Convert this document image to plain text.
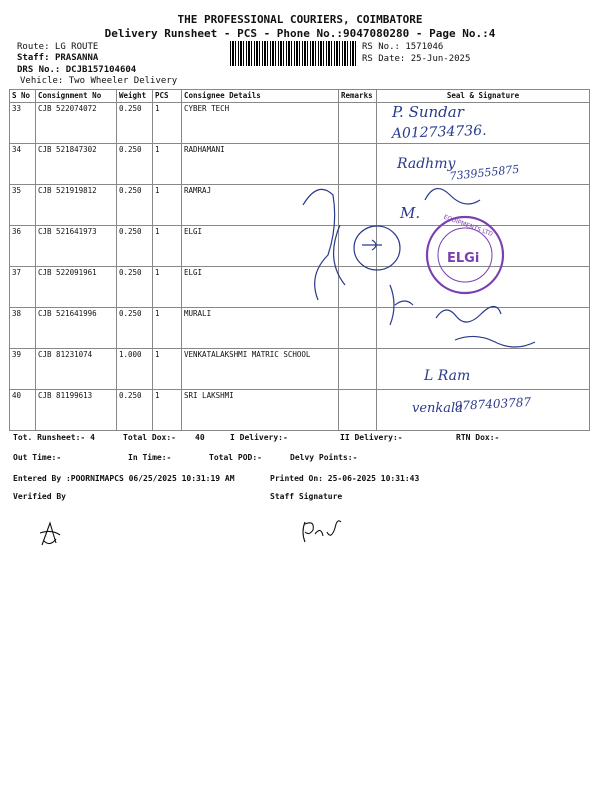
THE PROFESSIONAL COURIERS, COIMBATORE
Delivery Runsheet - PCS - Phone No.:9047080280 - Page No.:4
Route: LG ROUTE
Staff: PRASANNA
DRS No.: DCJB157104604
Vehicle: Two Wheeler Delivery
RS No.: 1571046
RS Date: 25-Jun-2025
S No	Consignment No	Weight	PCS	Consignee Details	Remarks	Seal & Signature
33	CJB 522074072	0.250	1	CYBER TECH		
34	CJB 521847302	0.250	1	RADHAMANI		
35	CJB 521919812	0.250	1	RAMRAJ		
36	CJB 521641973	0.250	1	ELGI		
37	CJB 522091961	0.250	1	ELGI		
38	CJB 521641996	0.250	1	MURALI		
39	CJB 81231074	1.000	1	VENKATALAKSHMI MATRIC SCHOOL		
40	CJB 81199613	0.250	1	SRI LAKSHMI		
P. Sundar
A012734736.
Radhmy
7339555875
M.
L Ram
venkala
9787403787
ELGi
EQUIPMENTS LTD
Tot. Runsheet:- 4	Total Dox:- 40	I Delivery:-	II Delivery:-	RTN Dox:-
Out Time:-	In Time:-	Total POD:-	Delvy Points:-
Entered By :POORNIMAPCS 06/25/2025 10:31:19 AM	Printed On: 25-06-2025 10:31:43
Verified By	Staff Signature
